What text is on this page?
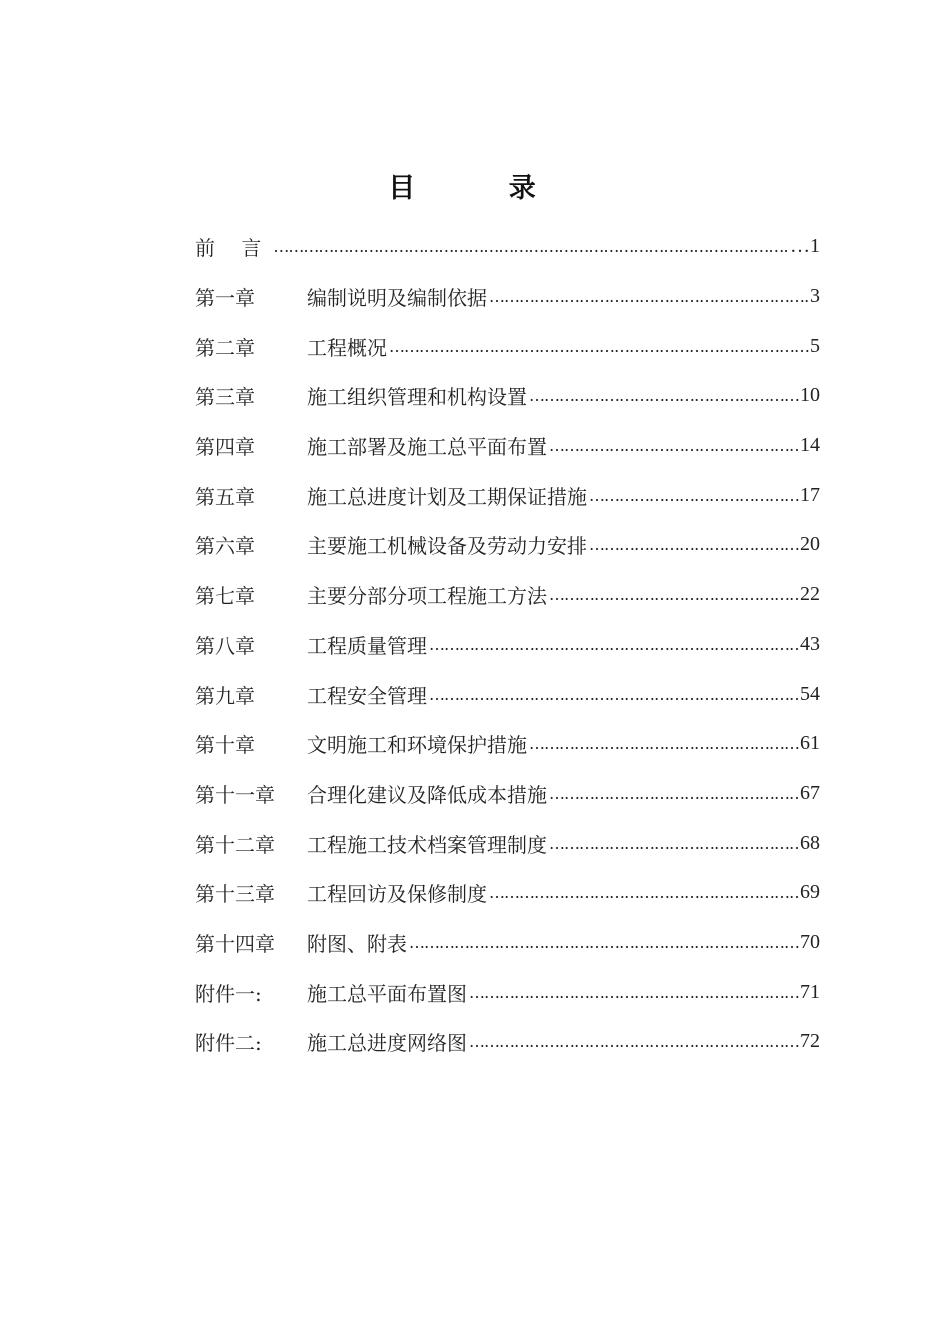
目 录
前 言 ……………………………………………………………………………………………………………………………………	…1
第一章	编制说明及编制依据 ……………………………………………………………………………………………………………………………………	3
第二章	工程概况 ……………………………………………………………………………………………………………………………………	5
第三章	施工组织管理和机构设置 ……………………………………………………………………………………………………………………………………	10
第四章	施工部署及施工总平面布置 ……………………………………………………………………………………………………………………………………	14
第五章	施工总进度计划及工期保证措施 ……………………………………………………………………………………………………………………………………	17
第六章	主要施工机械设备及劳动力安排 ……………………………………………………………………………………………………………………………………	20
第七章	主要分部分项工程施工方法 ……………………………………………………………………………………………………………………………………	22
第八章	工程质量管理 ……………………………………………………………………………………………………………………………………	43
第九章	工程安全管理 ……………………………………………………………………………………………………………………………………	54
第十章	文明施工和环境保护措施 ……………………………………………………………………………………………………………………………………	61
第十一章	合理化建议及降低成本措施 ……………………………………………………………………………………………………………………………………	67
第十二章	工程施工技术档案管理制度 ……………………………………………………………………………………………………………………………………	68
第十三章	工程回访及保修制度 ……………………………………………………………………………………………………………………………………	69
第十四章	附图、附表 ……………………………………………………………………………………………………………………………………	70
附件一:	施工总平面布置图 ……………………………………………………………………………………………………………………………………	71
附件二:	施工总进度网络图 ……………………………………………………………………………………………………………………………………	72
